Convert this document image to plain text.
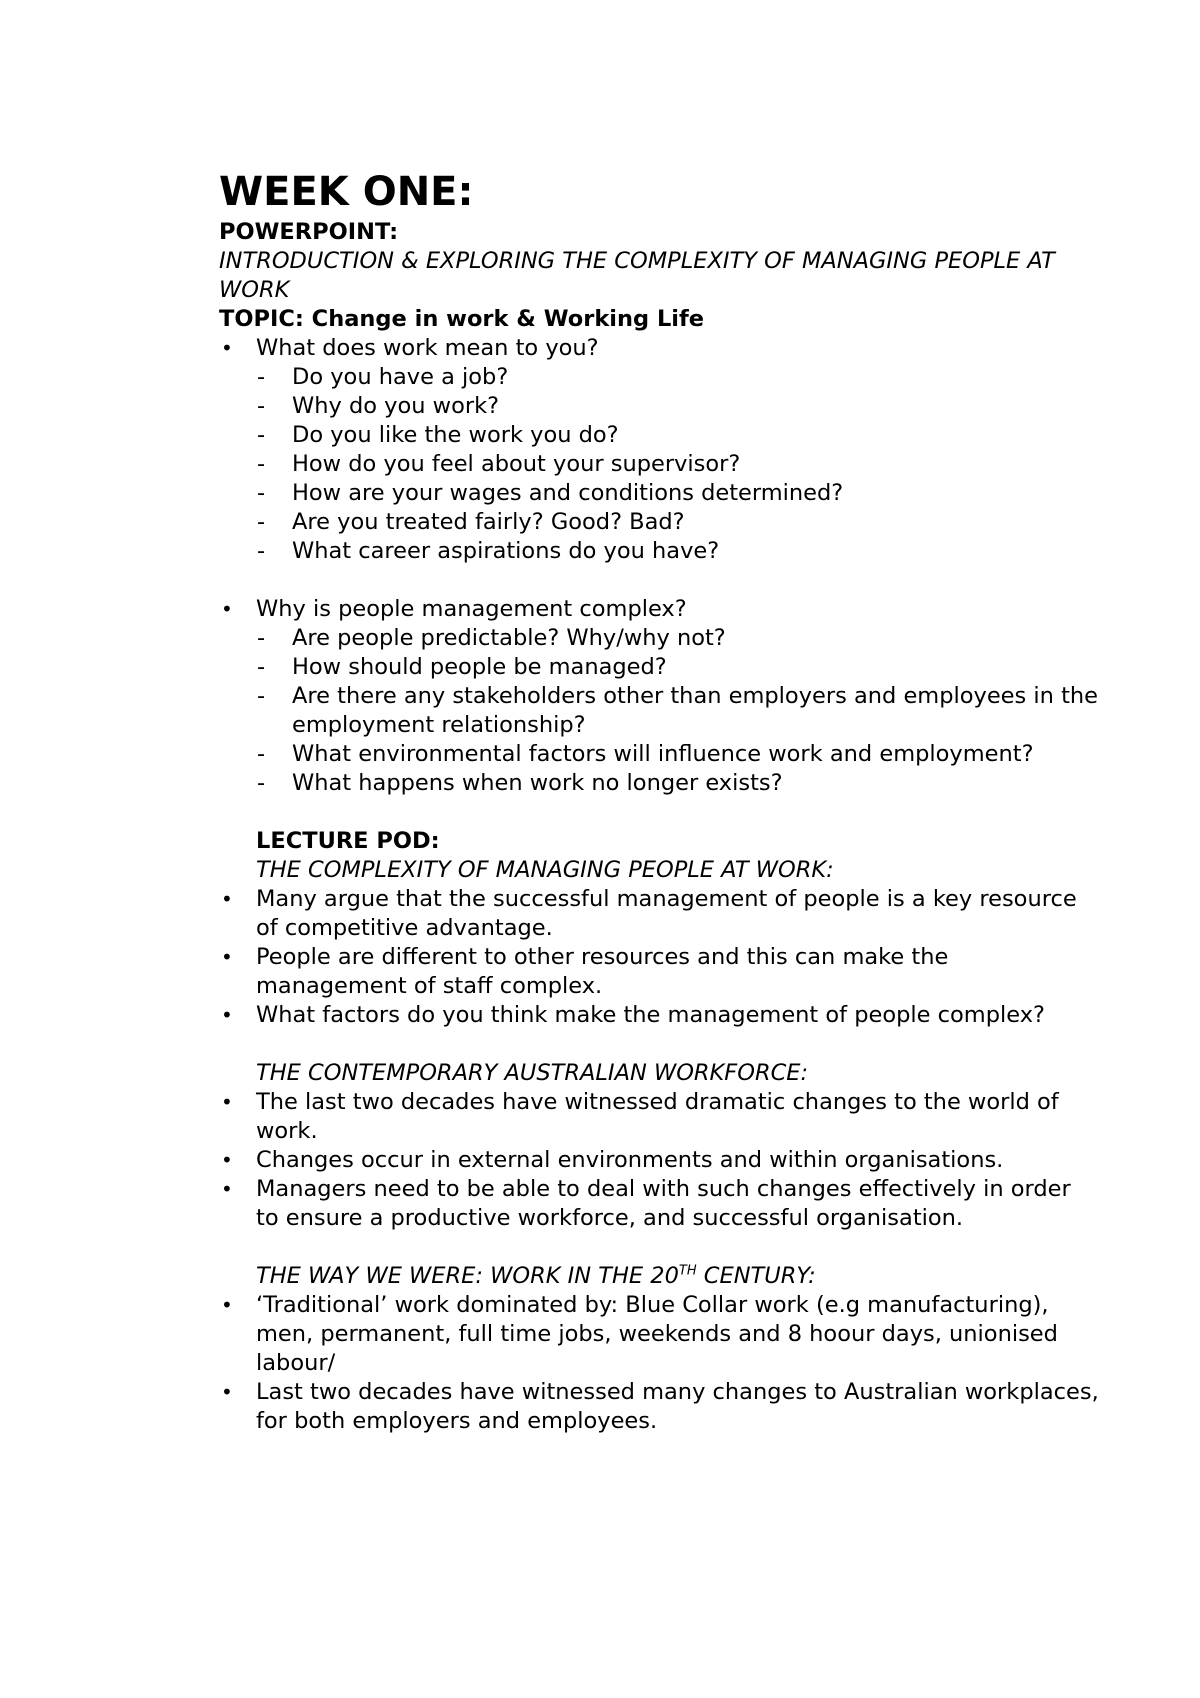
WEEK ONE:
POWERPOINT:
INTRODUCTION & EXPLORING THE COMPLEXITY OF MANAGING PEOPLE AT WORK
TOPIC: Change in work & Working Life
•	What does work mean to you?
- Do you have a job?
- Why do you work?
- Do you like the work you do?
- How do you feel about your supervisor?
- How are your wages and conditions determined?
- Are you treated fairly? Good? Bad?
- What career aspirations do you have?
•	Why is people management complex?
- Are people predictable? Why/why not?
- How should people be managed?
- Are there any stakeholders other than employers and employees in the employment relationship?
- What environmental factors will influence work and employment?
- What happens when work no longer exists?
LECTURE POD:
THE COMPLEXITY OF MANAGING PEOPLE AT WORK:
•	Many argue that the successful management of people is a key resource of competitive advantage.
•	People are different to other resources and this can make the management of staff complex.
•	What factors do you think make the management of people complex?
THE CONTEMPORARY AUSTRALIAN WORKFORCE:
•	The last two decades have witnessed dramatic changes to the world of work.
•	Changes occur in external environments and within organisations.
•	Managers need to be able to deal with such changes effectively in order to ensure a productive workforce, and successful organisation.
THE WAY WE WERE: WORK IN THE 20TH CENTURY:
•	‘Traditional’ work dominated by: Blue Collar work (e.g manufacturing), men, permanent, full time jobs, weekends and 8 hoour days, unionised labour/
•	Last two decades have witnessed many changes to Australian workplaces, for both employers and employees.
